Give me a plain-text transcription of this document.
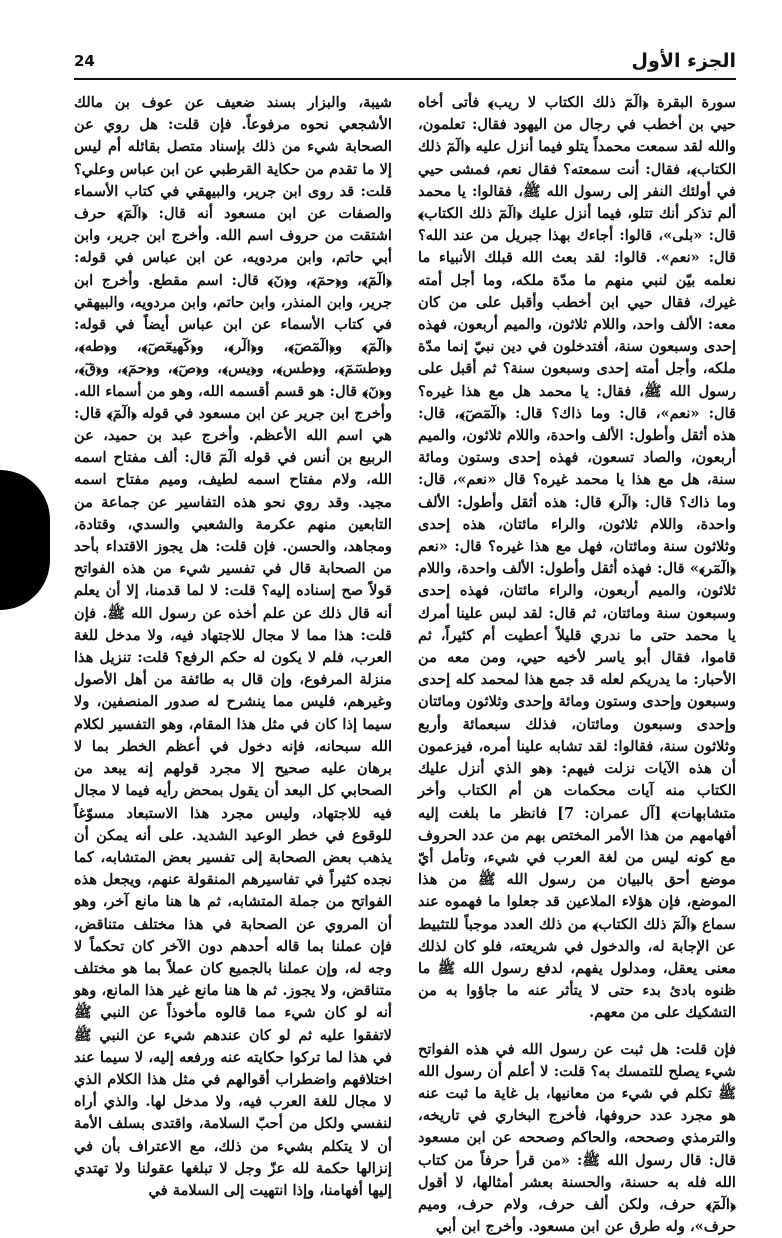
الجزء الأول
24

سورة البقرة ﴿الٓمٓ ذلك الكتاب لا ريب﴾ فأتى أخاه حيي بن أخطب في رجال من اليهود فقال: تعلمون، والله لقد سمعت محمداً يتلو فيما أنزل عليه ﴿الٓمٓ ذلك الكتاب﴾، فقال: أنت سمعته؟ فقال نعم، فمشى حيي في أولئك النفر إلى رسول الله ﷺ، فقالوا: يا محمد ألم تذكر أنك تتلو، فيما أنزل عليك ﴿الٓمٓ ذلك الكتاب﴾ قال: «بلى»، قالوا: أجاءك بهذا جبريل من عند الله؟ قال: «نعم». قالوا: لقد بعث الله قبلك الأنبياء ما نعلمه بيّن لنبي منهم ما مدّة ملكه، وما أجل أمته غيرك، فقال حيي ابن أخطب وأقبل على من كان معه: الألف واحد، واللام ثلاثون، والميم أربعون، فهذه إحدى وسبعون سنة، أفتدخلون في دين نبيّ إنما مدّة ملكه، وأجل أمته إحدى وسبعون سنة؟ ثم أقبل على رسول الله ﷺ، فقال: يا محمد هل مع هذا غيره؟ قال: «نعم»، قال: وما ذاك؟ قال: ﴿الٓمٓصٓ﴾، قال: هذه أثقل وأطول: الألف واحدة، واللام ثلاثون، والميم أربعون، والصاد تسعون، فهذه إحدى وستون ومائة سنة، هل مع هذا يا محمد غيره؟ قال «نعم»، قال: وما ذاك؟ قال: ﴿الٓر﴾ قال: هذه أثقل وأطول: الألف واحدة، واللام ثلاثون، والراء مائتان، هذه إحدى وثلاثون سنة ومائتان، فهل مع هذا غيره؟ قال: «نعم ﴿الٓمٓر﴾» قال: فهذه أثقل وأطول: الألف واحدة، واللام ثلاثون، والميم أربعون، والراء مائتان، فهذه إحدى وسبعون سنة ومائتان، ثم قال: لقد لبس علينا أمرك يا محمد حتى ما ندري قليلاً أعطيت أم كثيراً، ثم قاموا، فقال أبو ياسر لأخيه حيي، ومن معه من الأحبار: ما يدريكم لعله قد جمع هذا لمحمد كله إحدى وسبعون وإحدى وستون ومائة وإحدى وثلاثون ومائتان وإحدى وسبعون ومائتان، فذلك سبعمائة وأربع وثلاثون سنة، فقالوا: لقد تشابه علينا أمره، فيزعمون أن هذه الآيات نزلت فيهم: ﴿هو الذي أنزل عليك الكتاب منه آيات محكمات هن أم الكتاب وأخر متشابهات﴾ [آل عمران: 7] فانظر ما بلغت إليه أفهامهم من هذا الأمر المختص بهم من عدد الحروف مع كونه ليس من لغة العرب في شيء، وتأمل أيّ موضع أحق بالبيان من رسول الله ﷺ من هذا الموضع، فإن هؤلاء الملاعين قد جعلوا ما فهموه عند سماع ﴿الٓمٓ ذلك الكتاب﴾ من ذلك العدد موجباً للتثبيط عن الإجابة له، والدخول في شريعته، فلو كان لذلك معنى يعقل، ومدلول يفهم، لدفع رسول الله ﷺ ما ظنوه بادئ بدء حتى لا يتأثر عنه ما جاؤوا به من التشكيك على من معهم.

فإن قلت: هل ثبت عن رسول الله في هذه الفواتح شيء يصلح للتمسك به؟ قلت: لا أعلم أن رسول الله ﷺ تكلم في شيء من معانيها، بل غاية ما ثبت عنه هو مجرد عدد حروفها، فأخرج البخاري في تاريخه، والترمذي وصححه، والحاكم وصححه عن ابن مسعود قال: قال رسول الله ﷺ: «من قرأ حرفاً من كتاب الله فله به حسنة، والحسنة بعشر أمثالها، لا أقول ﴿الٓمٓ﴾ حرف، ولكن ألف حرف، ولام حرف، وميم حرف»، وله طرق عن ابن مسعود. وأخرج ابن أبي

شيبة، والبزار بسند ضعيف عن عوف بن مالك الأشجعي نحوه مرفوعاً. فإن قلت: هل روي عن الصحابة شيء من ذلك بإسناد متصل بقائله أم ليس إلا ما تقدم من حكاية القرطبي عن ابن عباس وعلي؟ قلت: قد روى ابن جرير، والبيهقي في كتاب الأسماء والصفات عن ابن مسعود أنه قال: ﴿الٓمٓ﴾ حرف اشتقت من حروف اسم الله. وأخرج ابن جرير، وابن أبي حاتم، وابن مردويه، عن ابن عباس في قوله: ﴿الٓمٓ﴾، و﴿حمٓ﴾، و﴿نٓ﴾ قال: اسم مقطع. وأخرج ابن جرير، وابن المنذر، وابن حاتم، وابن مردويه، والبيهقي في كتاب الأسماء عن ابن عباس أيضاً في قوله: ﴿الٓمٓ﴾ و﴿الٓمٓصٓ﴾، و﴿الٓر﴾، و﴿كٓهيعٓصٓ﴾، و﴿طه﴾، و﴿طسٓمٓ﴾، و﴿طس﴾، و﴿يس﴾، و﴿صٓ﴾، و﴿حمٓ﴾، و﴿قٓ﴾، و﴿نٓ﴾ قال: هو قسم أقسمه الله، وهو من أسماء الله. وأخرج ابن جرير عن ابن مسعود في قوله ﴿الٓمٓ﴾ قال: هي اسم الله الأعظم. وأخرج عبد بن حميد، عن الربيع بن أنس في قوله الٓمٓ قال: ألف مفتاح اسمه الله، ولام مفتاح اسمه لطيف، وميم مفتاح اسمه مجيد. وقد روي نحو هذه التفاسير عن جماعة من التابعين منهم عكرمة والشعبي والسدي، وقتادة، ومجاهد، والحسن. فإن قلت: هل يجوز الاقتداء بأحد من الصحابة قال في تفسير شيء من هذه الفواتح قولاً صح إسناده إليه؟ قلت: لا لما قدمنا، إلا أن يعلم أنه قال ذلك عن علم أخذه عن رسول الله ﷺ. فإن قلت: هذا مما لا مجال للاجتهاد فيه، ولا مدخل للغة العرب، فلم لا يكون له حكم الرفع؟ قلت: تنزيل هذا منزلة المرفوع، وإن قال به طائفة من أهل الأصول وغيرهم، فليس مما ينشرح له صدور المنصفين، ولا سيما إذا كان في مثل هذا المقام، وهو التفسير لكلام الله سبحانه، فإنه دخول في أعظم الخطر بما لا برهان عليه صحيح إلا مجرد قولهم إنه يبعد من الصحابي كل البعد أن يقول بمحض رأيه فيما لا مجال فيه للاجتهاد، وليس مجرد هذا الاستبعاد مسوّغاً للوقوع في خطر الوعيد الشديد. على أنه يمكن أن يذهب بعض الصحابة إلى تفسير بعض المتشابه، كما نجده كثيراً في تفاسيرهم المنقولة عنهم، ويجعل هذه الفواتح من جملة المتشابه، ثم ها هنا مانع آخر، وهو أن المروي عن الصحابة في هذا مختلف متناقض، فإن عملنا بما قاله أحدهم دون الآخر كان تحكماً لا وجه له، وإن عملنا بالجميع كان عملاً بما هو مختلف متناقض، ولا يجوز. ثم ها هنا مانع غير هذا المانع، وهو أنه لو كان شيء مما قالوه مأخوذاً عن النبي ﷺ لاتفقوا عليه ثم لو كان عندهم شيء عن النبي ﷺ في هذا لما تركوا حكايته عنه ورفعه إليه، لا سيما عند اختلافهم واضطراب أقوالهم في مثل هذا الكلام الذي لا مجال للغة العرب فيه، ولا مدخل لها. والذي أراه لنفسي ولكل من أحبّ السلامة، واقتدى بسلف الأمة أن لا يتكلم بشيء من ذلك، مع الاعتراف بأن في إنزالها حكمة لله عزّ وجل لا تبلغها عقولنا ولا تهتدي إليها أفهامنا، وإذا انتهيت إلى السلامة في
